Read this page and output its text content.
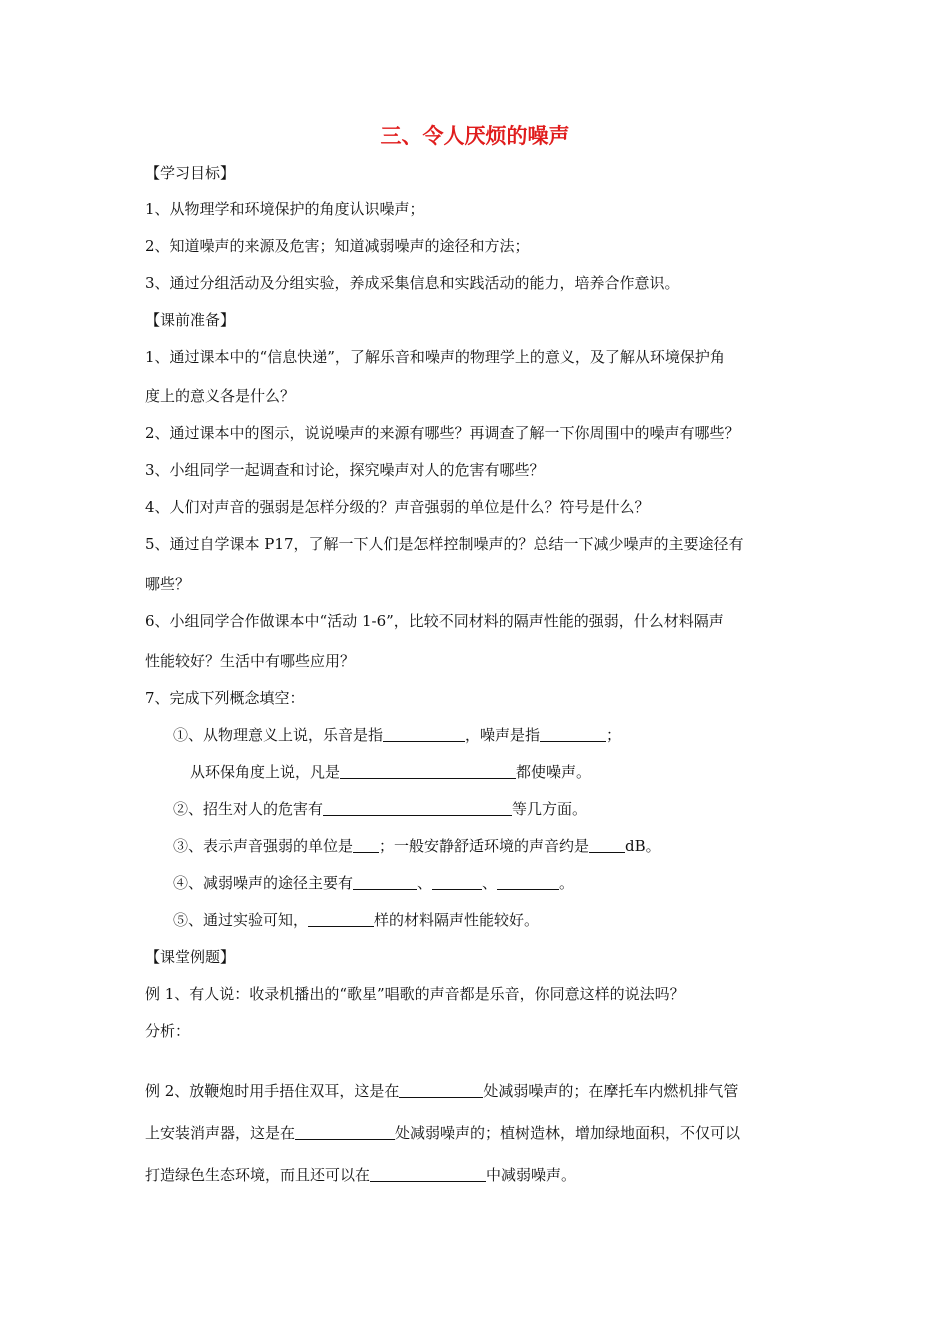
三、令人厌烦的噪声
【学习目标】
1、从物理学和环境保护的角度认识噪声；
2、知道噪声的来源及危害；知道减弱噪声的途径和方法；
3、通过分组活动及分组实验，养成采集信息和实践活动的能力，培养合作意识。
【课前准备】
1、通过课本中的“信息快递”，了解乐音和噪声的物理学上的意义，及了解从环境保护角
度上的意义各是什么？
2、通过课本中的图示，说说噪声的来源有哪些？再调查了解一下你周围中的噪声有哪些？
3、小组同学一起调查和讨论，探究噪声对人的危害有哪些？
4、人们对声音的强弱是怎样分级的？声音强弱的单位是什么？符号是什么？
5、通过自学课本 P17，了解一下人们是怎样控制噪声的？总结一下减少噪声的主要途径有
哪些？
6、小组同学合作做课本中“活动 1-6”，比较不同材料的隔声性能的强弱，什么材料隔声
性能较好？生活中有哪些应用？
7、完成下列概念填空：
①、从物理意义上说，乐音是指	，噪声是指	；
从环保角度上说，凡是	都使噪声。
②、招生对人的危害有	等几方面。
③、表示声音强弱的单位是 ；一般安静舒适环境的声音约是 dB。
④、减弱噪声的途径主要有	、	、	。
⑤、通过实验可知，	样的材料隔声性能较好。
【课堂例题】
例 1、有人说：收录机播出的“歌星”唱歌的声音都是乐音，你同意这样的说法吗？
分析：
例 2、放鞭炮时用手捂住双耳，这是在	处减弱噪声的；在摩托车内燃机排气管
上安装消声器，这是在	处减弱噪声的；植树造林，增加绿地面积，不仅可以
打造绿色生态环境，而且还可以在	中减弱噪声。
